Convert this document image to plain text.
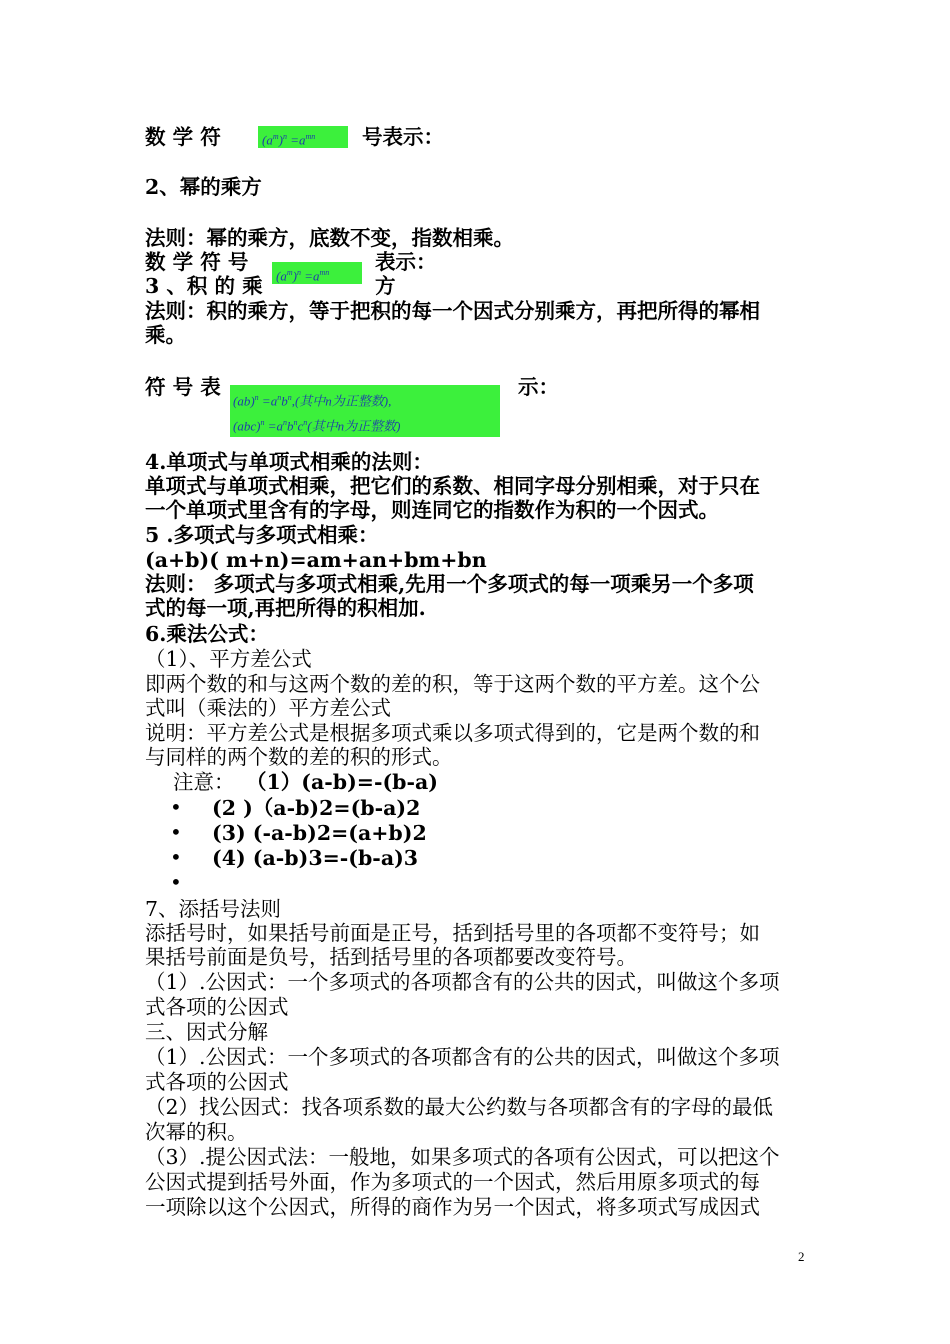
数 学 符	$(a^m)^n =a^{mn}$	号表示：
2、幂的乘方
法则：幂的乘方，底数不变，指数相乘。
数 学 符 号
$(a^m)^n =a^{mn}$	表示：
3 、积 的 乘	方
法则：积的乘方，等于把积的每一个因式分别乘方，再把所得的幂相
乘。
符 号 表
$(ab)^n =a^nb^n$,(其中n为正整数),
$(abc)^n =a^nb^nc^n$(其中n为正整数)
示：
4.单项式与单项式相乘的法则：
单项式与单项式相乘，把它们的系数、相同字母分别相乘，对于只在
一个单项式里含有的字母，则连同它的指数作为积的一个因式。
5 .多项式与多项式相乘：
(a+b)( m+n)=am+an+bm+bn
法则： 多项式与多项式相乘,先用一个多项式的每一项乘另一个多项
式的每一项,再把所得的积相加.
6.乘法公式：
（1）、平方差公式
即两个数的和与这两个数的差的积，等于这两个数的平方差。这个公
式叫（乘法的）平方差公式
说明：平方差公式是根据多项式乘以多项式得到的，它是两个数的和
与同样的两个数的差的积的形式。
注意： （1）(a-b)=-(b-a)
• (2 )（a-b)2=(b-a)2
• (3) (-a-b)2=(a+b)2
• (4) (a-b)3=-(b-a)3
•
7、添括号法则
添括号时，如果括号前面是正号，括到括号里的各项都不变符号；如
果括号前面是负号，括到括号里的各项都要改变符号。
（1）.公因式：一个多项式的各项都含有的公共的因式，叫做这个多项
式各项的公因式
三、因式分解
（1）.公因式：一个多项式的各项都含有的公共的因式，叫做这个多项
式各项的公因式
（2）找公因式：找各项系数的最大公约数与各项都含有的字母的最低
次幂的积。
（3）.提公因式法：一般地，如果多项式的各项有公因式，可以把这个
公因式提到括号外面，作为多项式的一个因式，然后用原多项式的每
一项除以这个公因式，所得的商作为另一个因式，将多项式写成因式
2
